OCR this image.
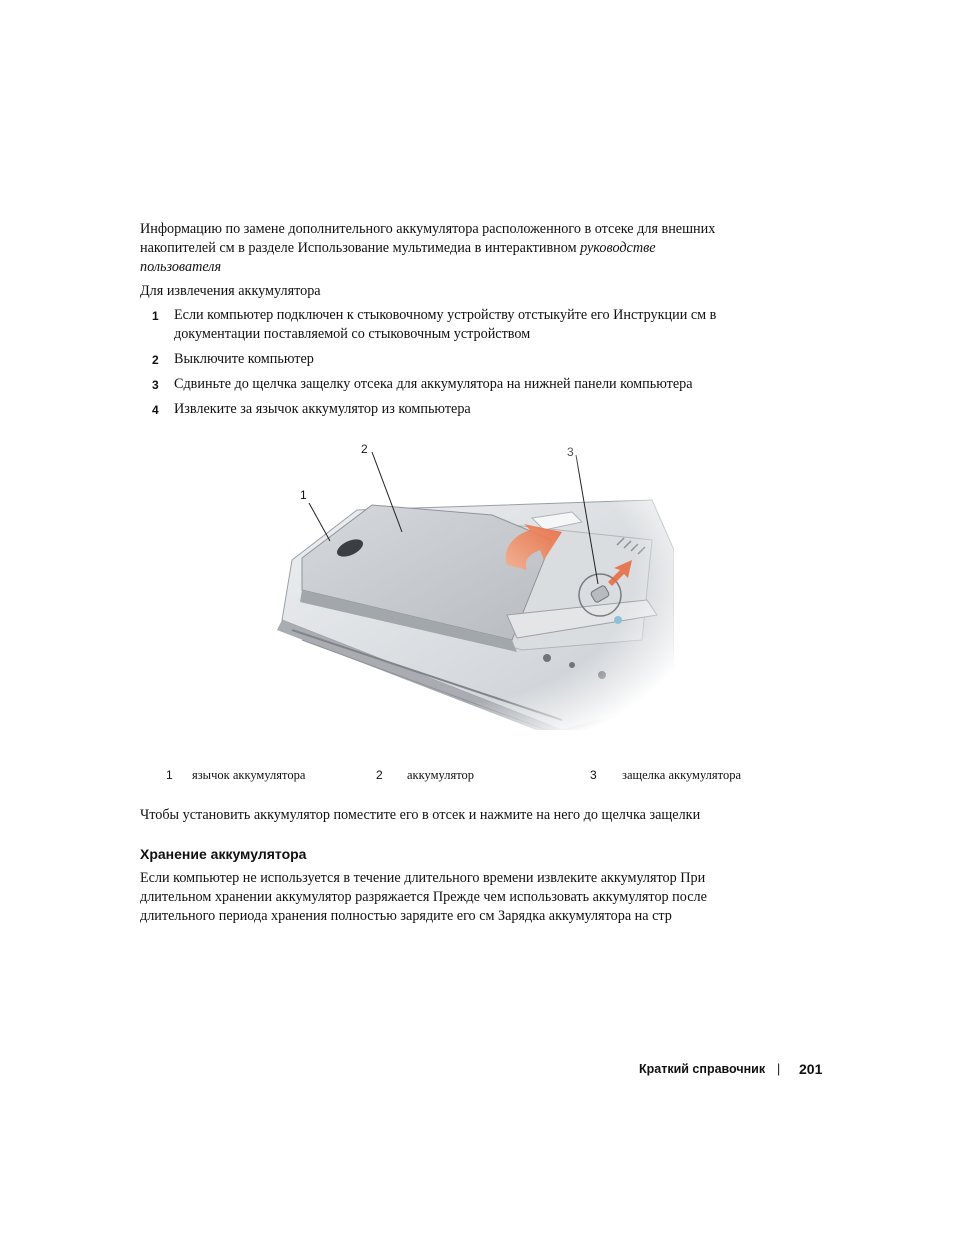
Информацию по замене дополнительного аккумулятора расположенного в отсеке для внешних
накопителей см в разделе Использование мультимедиа в интерактивном руководстве
пользователя
Для извлечения аккумулятора
1 Если компьютер подключен к стыковочному устройству отстыкуйте его Инструкции см в
документации поставляемой со стыковочным устройством
2 Выключите компьютер
3 Сдвиньте до щелчка защелку отсека для аккумулятора на нижней панели компьютера
4 Извлеките за язычок аккумулятор из компьютера
1 язычок аккумулятора	2 аккумулятор	3 защелка аккумулятора
Чтобы установить аккумулятор поместите его в отсек и нажмите на него до щелчка защелки
Хранение аккумулятора
Если компьютер не используется в течение длительного времени извлеките аккумулятор При
длительном хранении аккумулятор разряжается Прежде чем использовать аккумулятор после
длительного периода хранения полностью зарядите его см Зарядка аккумулятора на стр
Краткий справочник | 201
